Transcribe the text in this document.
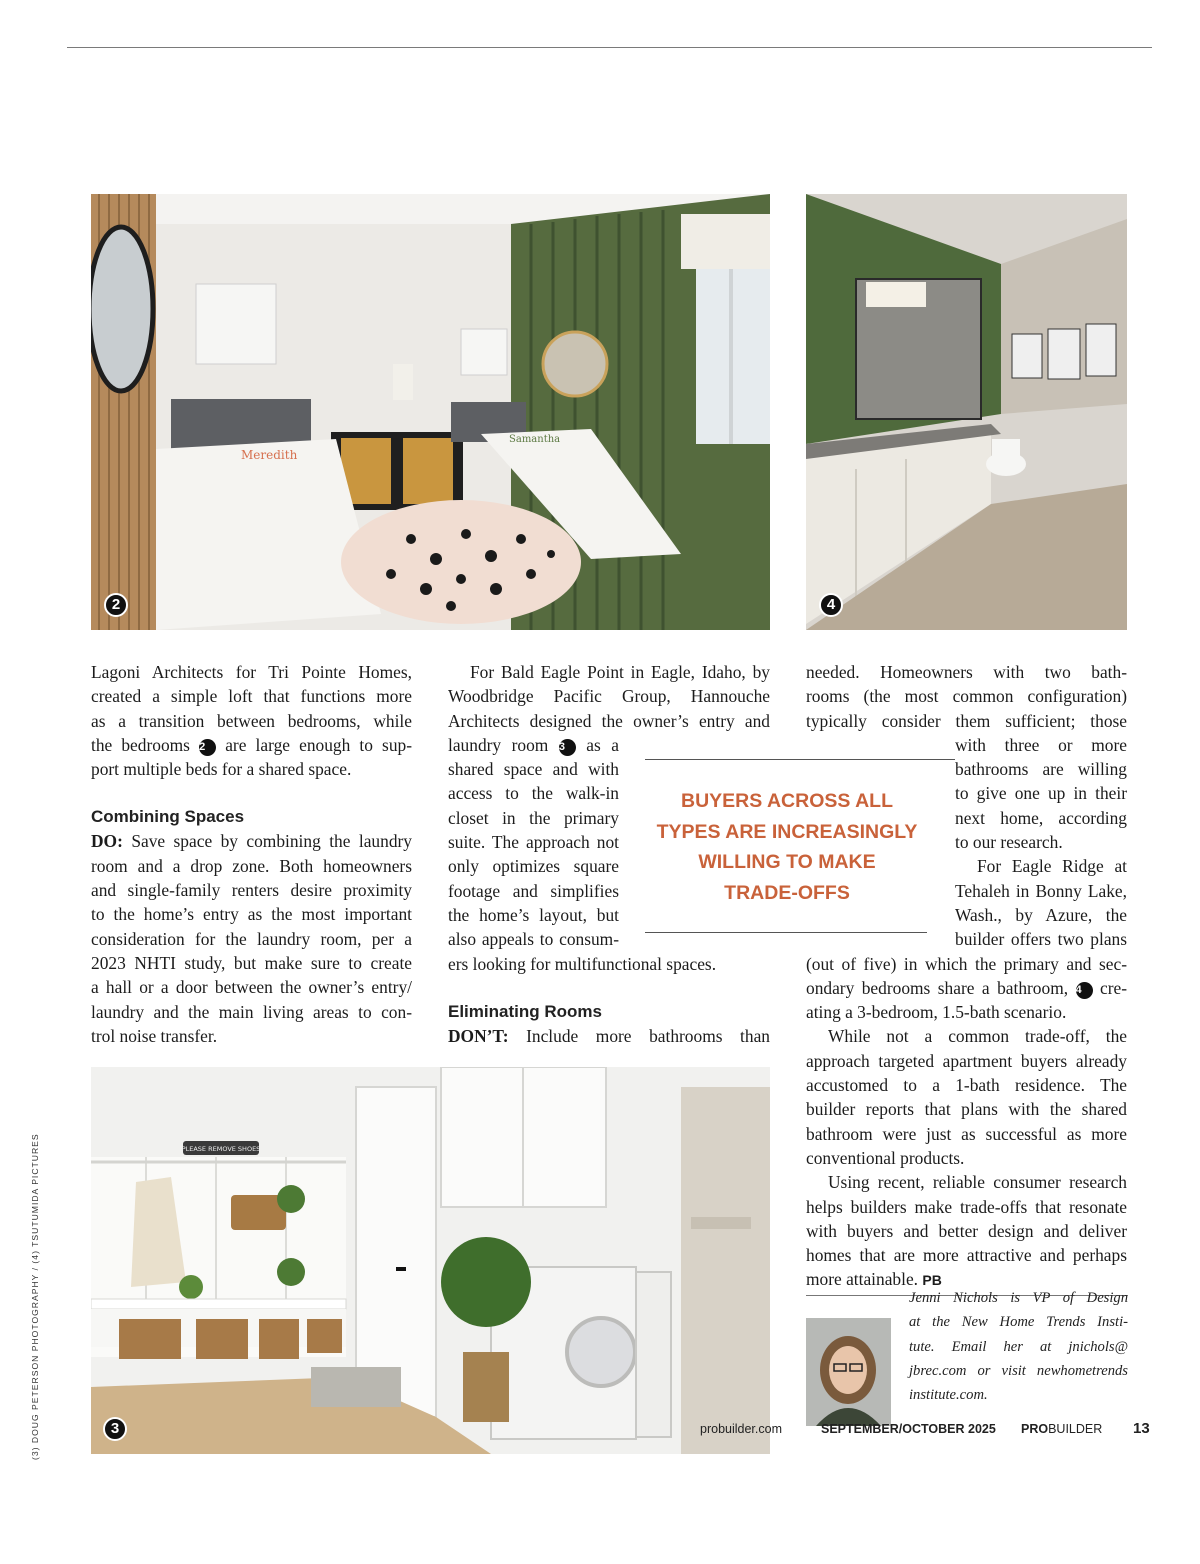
Meredith
Samantha
2	4
Lagoni Architects for Tri Pointe Homes,
created a simple loft that functions more
as a transition between bedrooms, while
the bedrooms 2 are large enough to sup-
port multiple beds for a shared space.
Combining Spaces
DO: Save space by combining the laundry
room and a drop zone. Both homeowners
and single-family renters desire proximity
to the home’s entry as the most important
consideration for the laundry room, per a
2023 NHTI study, but make sure to create
a hall or a door between the owner’s entry/
laundry and the main living areas to con-
trol noise transfer.
For Bald Eagle Point in Eagle, Idaho, by
Woodbridge Pacific Group, Hannouche
Architects designed the owner’s entry and
laundry room 3 as a
shared space and with
access to the walk-in
closet in the primary
suite. The approach not
only optimizes square
footage and simplifies
the home’s layout, but
also appeals to consum-
ers looking for multifunctional spaces.
Eliminating Rooms
DON’T: Include more bathrooms than
BUYERS ACROSS ALL
TYPES ARE INCREASINGLY
WILLING TO MAKE
TRADE-OFFS
needed. Homeowners with two bath-
rooms (the most common configuration)
typically consider them sufficient; those
with three or more
bathrooms are willing
to give one up in their
next home, according
to our research.
For Eagle Ridge at
Tehaleh in Bonny Lake,
Wash., by Azure, the
builder offers two plans
(out of five) in which the primary and sec-
ondary bedrooms share a bathroom, 4 cre-
ating a 3-bedroom, 1.5-bath scenario.
While not a common trade-off, the
approach targeted apartment buyers already
accustomed to a 1-bath residence. The
builder reports that plans with the shared
bathroom were just as successful as more
conventional products.
Using recent, reliable consumer research
helps builders make trade-offs that resonate
with buyers and better design and deliver
homes that are more attractive and perhaps
more attainable. PB
PLEASE REMOVE SHOES
3
Jenni Nichols is VP of Design
at the New Home Trends Insti-
tute. Email her at jnichols@
jbrec.com or visit newhometrends
institute.com.
(3) DOUG PETERSON PHOTOGRAPHY / (4) TSUTUMIDA PICTURES	probuilder.com	SEPTEMBER/OCTOBER 2025 PROBUILDER 13
